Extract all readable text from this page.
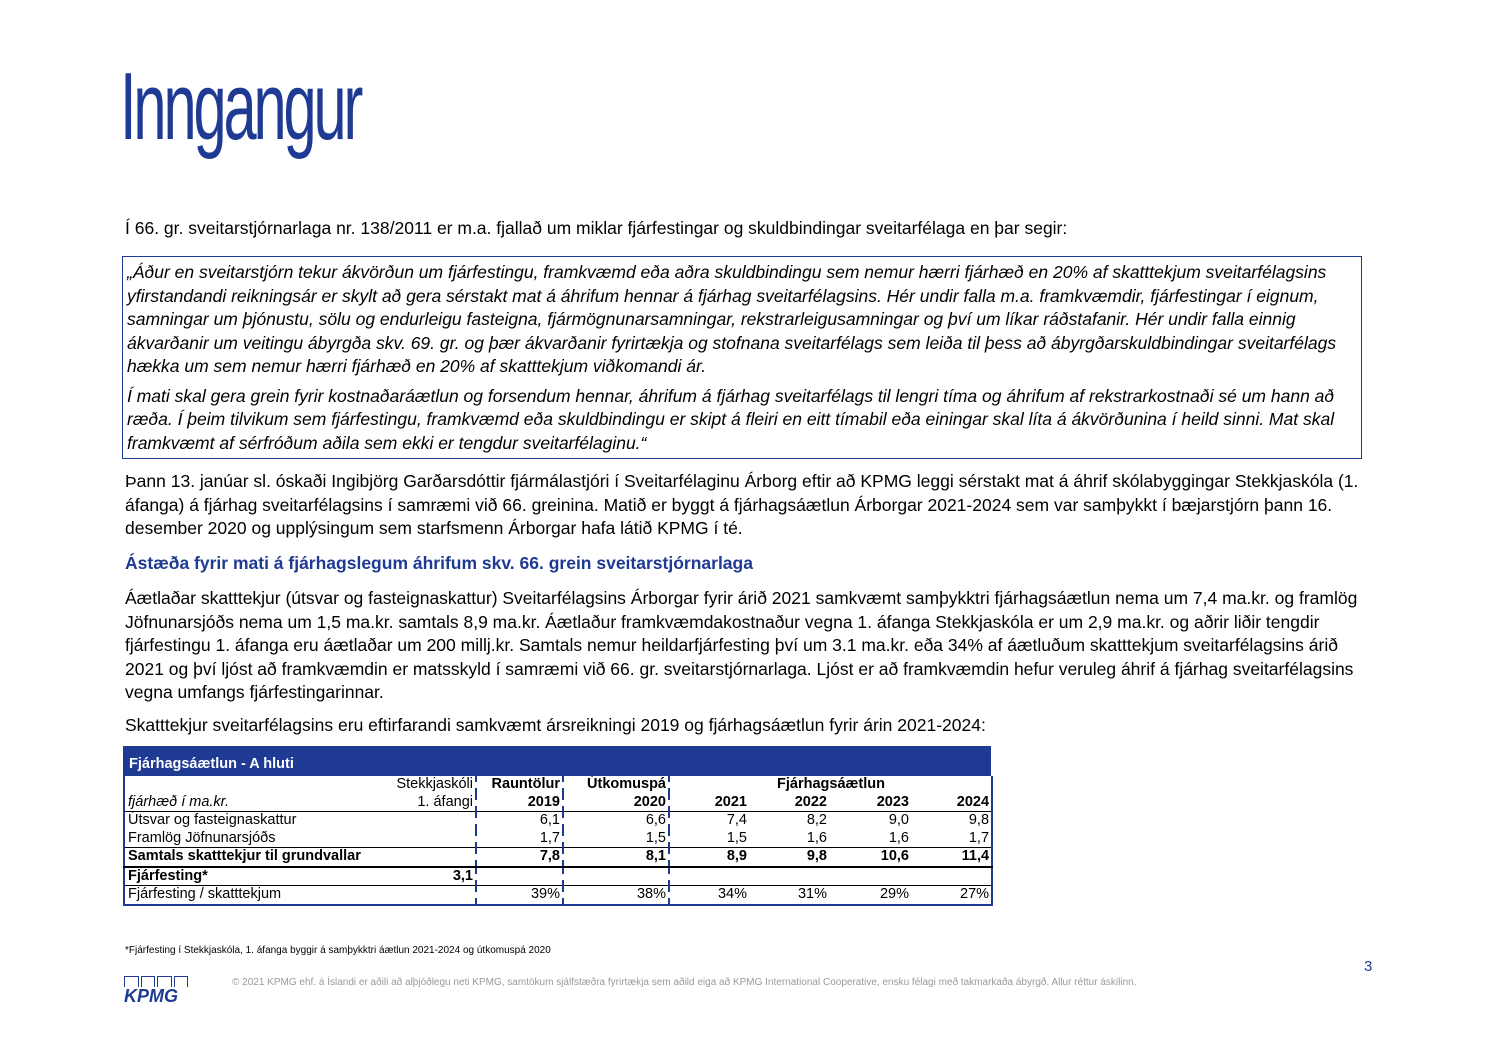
Inngangur
Í 66. gr. sveitarstjórnarlaga nr. 138/2011 er m.a. fjallað um miklar fjárfestingar og skuldbindingar sveitarfélaga en þar segir:

„Áður en sveitarstjórn tekur ákvörðun um fjárfestingu, framkvæmd eða aðra skuldbindingu sem nemur hærri fjárhæð en 20% af skatttekjum sveitarfélagsins yfirstandandi reikningsár er skylt að gera sérstakt mat á áhrifum hennar á fjárhag sveitarfélagsins. Hér undir falla m.a. framkvæmdir, fjárfestingar í eignum, samningar um þjónustu, sölu og endurleigu fasteigna, fjármögnunarsamningar, rekstrarleigusamningar og því um líkar ráðstafanir. Hér undir falla einnig ákvarðanir um veitingu ábyrgða skv. 69. gr. og þær ákvarðanir fyrirtækja og stofnana sveitarfélags sem leiða til þess að ábyrgðarskuldbindingar sveitarfélags hækka um sem nemur hærri fjárhæð en 20% af skatttekjum viðkomandi ár.

Í mati skal gera grein fyrir kostnaðaráætlun og forsendum hennar, áhrifum á fjárhag sveitarfélags til lengri tíma og áhrifum af rekstrarkostnaði sé um hann að ræða. Í þeim tilvikum sem fjárfestingu, framkvæmd eða skuldbindingu er skipt á fleiri en eitt tímabil eða einingar skal líta á ákvörðunina í heild sinni. Mat skal framkvæmt af sérfróðum aðila sem ekki er tengdur sveitarfélaginu.“

Þann 13. janúar sl. óskaði Ingibjörg Garðarsdóttir fjármálastjóri í Sveitarfélaginu Árborg eftir að KPMG leggi sérstakt mat á áhrif skólabyggingar Stekkjaskóla (1. áfanga) á fjárhag sveitarfélagsins í samræmi við 66. greinina. Matið er byggt á fjárhagsáætlun Árborgar 2021-2024 sem var samþykkt í bæjarstjórn þann 16. desember 2020 og upplýsingum sem starfsmenn Árborgar hafa látið KPMG í té.

Ástæða fyrir mati á fjárhagslegum áhrifum skv. 66. grein sveitarstjórnarlaga

Áætlaðar skatttekjur (útsvar og fasteignaskattur) Sveitarfélagsins Árborgar fyrir árið 2021 samkvæmt samþykktri fjárhagsáætlun nema um 7,4 ma.kr. og framlög Jöfnunarsjóðs nema um 1,5 ma.kr. samtals 8,9 ma.kr. Áætlaður framkvæmdakostnaður vegna 1. áfanga Stekkjaskóla er um 2,9 ma.kr. og aðrir liðir tengdir fjárfestingu 1. áfanga eru áætlaðar um 200 millj.kr. Samtals nemur heildarfjárfesting því um 3.1 ma.kr. eða 34% af áætluðum skatttekjum sveitarfélagsins árið 2021 og því ljóst að framkvæmdin er matsskyld í samræmi við 66. gr. sveitarstjórnarlaga. Ljóst er að framkvæmdin hefur veruleg áhrif á fjárhag sveitarfélagsins vegna umfangs fjárfestingarinnar.

Skatttekjur sveitarfélagsins eru eftirfarandi samkvæmt ársreikningi 2019 og fjárhagsáætlun fyrir árin 2021-2024:

Fjárhagsáætlun - A hluti
	Stekkjaskóli	Rauntölur	Útkomuspá	Fjárhagsáætlun			
fjárhæð í ma.kr.	1. áfangi	2019	2020	2021	2022	2023	2024
Útsvar og fasteignaskattur		6,1	6,6	7,4	8,2	9,0	9,8
Framlög Jöfnunarsjóðs		1,7	1,5	1,5	1,6	1,6	1,7
Samtals skatttekjur til grundvallar		7,8	8,1	8,9	9,8	10,6	11,4
Fjárfesting*	3,1						
Fjárfesting / skatttekjum		39%	38%	34%	31%	29%	27%
*Fjárfesting í Stekkjaskóla, 1. áfanga byggir á samþykktri áætlun 2021-2024 og útkomuspá 2020
KPMG
© 2021 KPMG ehf. á Íslandi er aðili að alþjóðlegu neti KPMG, samtökum sjálfstæðra fyrirtækja sem aðild eiga að KPMG International Cooperative, ensku félagi með takmarkaða ábyrgð. Allur réttur áskilinn.
3
